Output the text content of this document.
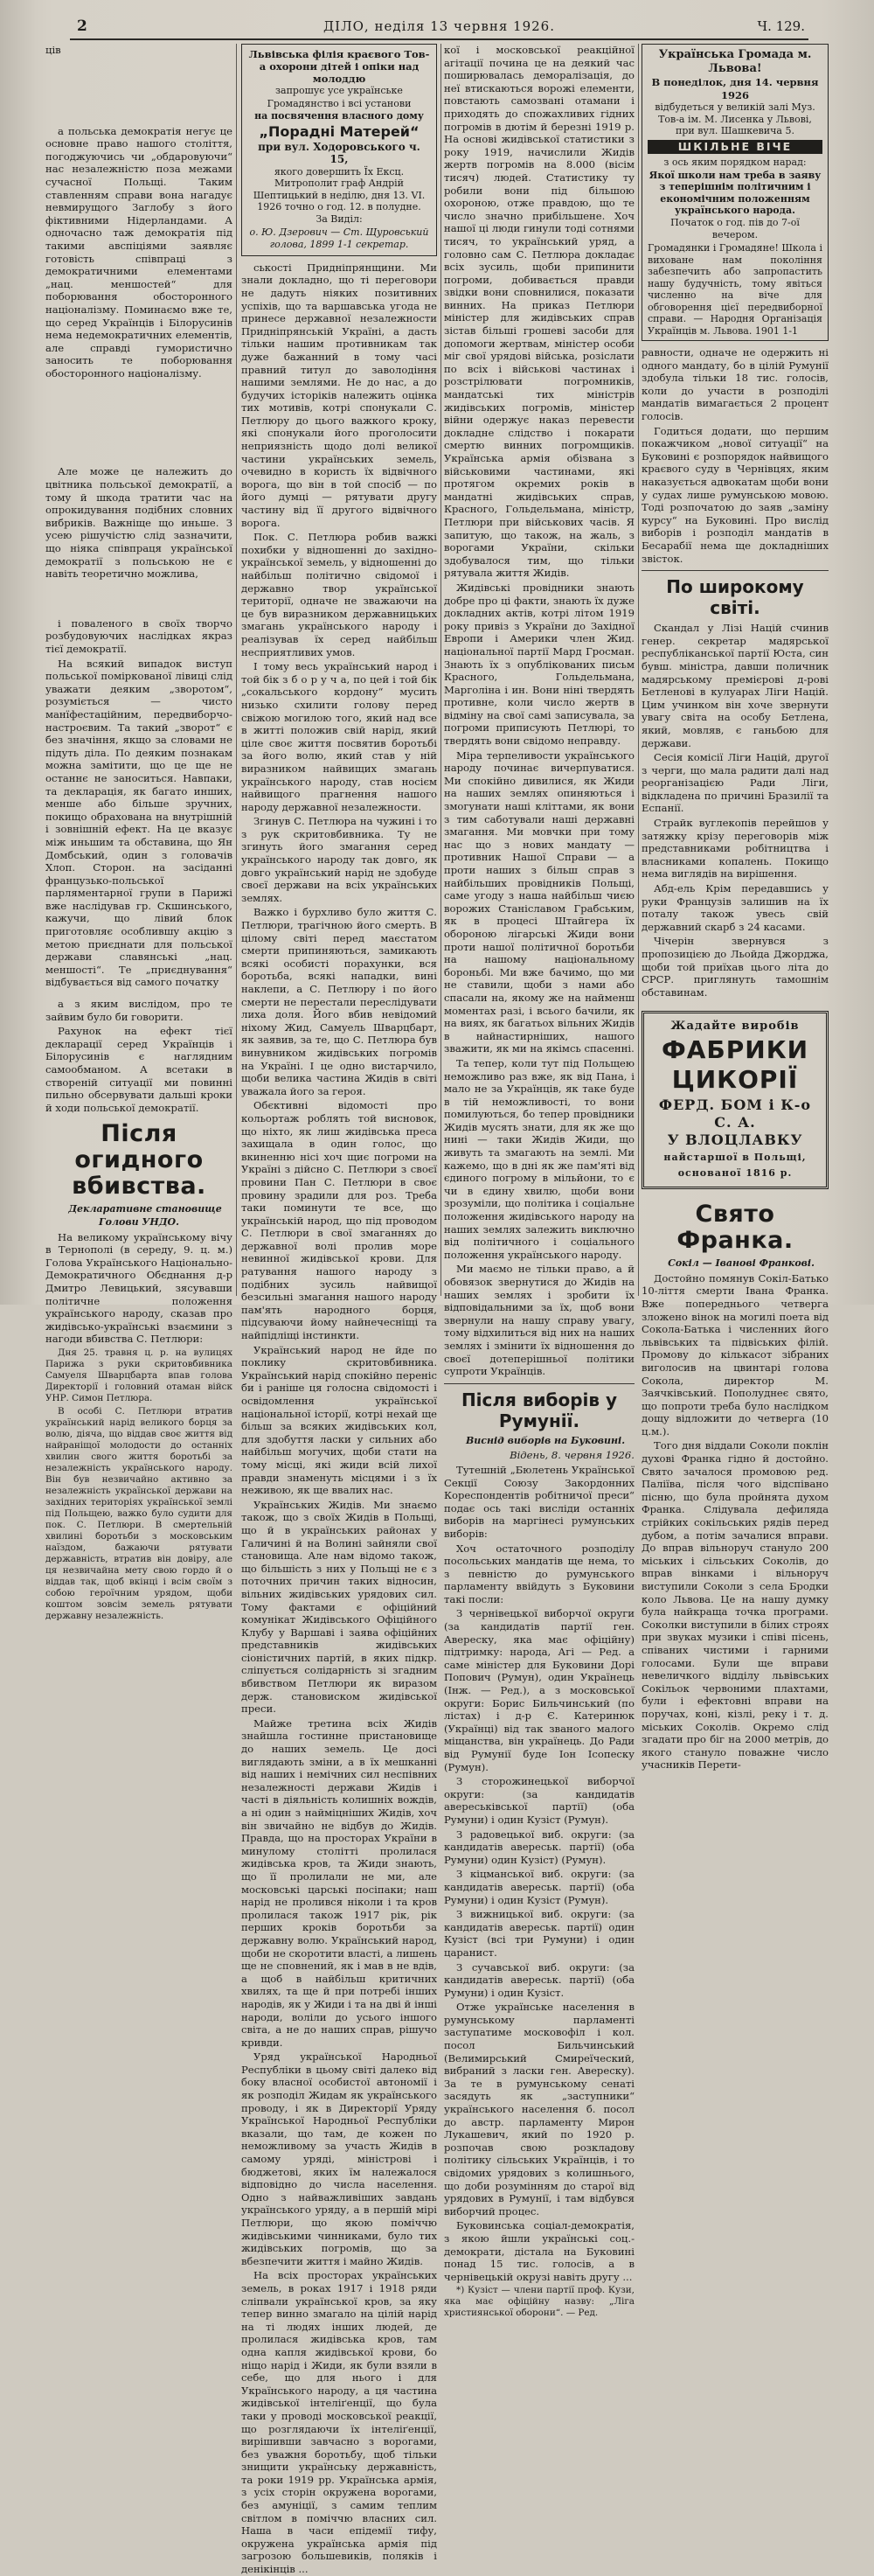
2	ДІЛО, неділя 13 червня 1926.	Ч. 129.

ців

а польська демократія негує це основне право нашого століття, погоджуючись чи „обдаровуючи“ нас незалежністю поза межами сучасної Польщі. Таким ставленням справи вона нагадує невмирущого Заглобу з його фіктивними Нідерландами. А одночасно таж демократія під такими авспіціями заявляє готовість співпраці з демократичними елементами „нац. меншостей“ для поборювання обосторонного націоналізму. Поминаємо вже те, що серед Українців і Білорусинів нема недемократичних елементів, але справді гумористично заносить те поборювання обосторонного націоналізму.

Але може це належить до цвітника польської демократії, а тому й шкода тратити час на опрокидування подібних словних вибриків. Важніще що иньше. З усею рішучістю слід зазначити, що ніяка співпраця української демократії з польською не є навіть теоретично можлива,

і поваленого в своїх творчо розбудовуючих наслідках якраз тієї демократії.

На всякий випадок виступ польської поміркованої лівиці слід уважати деяким „зворотом“, розуміється — чисто манїфестаційним, передвиборчо-настроєвим. Та такий „зворот“ є без значіння, якщо за словами не підуть діла. По деяким познакам можна замітити, що це ще не останнє не заноситься. Навпаки, та декларація, як багато инших, менше або більше зручних, покищо обрахована на внутрішній і зовнішній ефект. На це вказує між иньшим та обставина, що Ян Домбський, один з головачів Хлоп. Сторон. на засіданні французько-польської парляментарної групи в Парижі вже наслідував гр. Скшинського, кажучи, що лівий блок приготовляє особлившу акцію з метою приєднати для польської держави славянські „нац. меншості“. Те „приєднування“ відбувається від самого початку

а з яким вислідом, про те зайвим було би говорити.

Рахунок на ефект тієї декларації серед Українців і Білорусинів є наглядним самообманом. А всетаки в створеній ситуації ми повинні пильно обсервувати дальші кроки й ходи польської демократії.

Після огидного вбивства.

Декларативне становище Голови УНДО.

На великому українському вічу в Тернополі (в середу, 9. ц. м.) Голова Українського Національно-Демократичного Обєднання д-р Дмитро Левицький, зясувавши політичне положення українського народу, сказав про жидівсько-українські взаємини з нагоди вбивства С. Петлюри:

Дня 25. травня ц. р. на вулицях Парижа з руки скритовбивника Самуеля Шварцбарта впав голова Директорії і головний отаман війск УНР. Симон Петлюра.

В особі С. Петлюри втратив український нарід великого борця за волю, діяча, що віддав своє життя від найраніщої молодости до останніх хвилин свого життя боротьбі за незалежність українського народу. Він був незвичайно активно за незалежність української держави на західних територіях української землі під Польщею, важко було судити для пок. С. Петлюри. В смертельній хвилині боротьби з московським наїздом, бажаючи рятувати державність, втратив він довіру, але ця незвичайна мету свою гордо й о віддав так, щоб вкінці і всім своїм з собою героїчним урядом, щоби коштом зовсім земель рятувати державну незалежність.

Львівська філія краєвого Тов-а охорони дітей і опіки над молоддю
запрошує усе українське Громадянство і всі установи
на посвячення власного дому
„Порадні Матерей“
при вул. Ходоровського ч. 15,
якого довершить Їх Ексц. Митрополит граф Андрій Шептицький в неділю, дня 13. VI. 1926 точно о год. 12. в полудне.
За Виділ:
о. Ю. Дзерович — Ст. Щуровський голова, 1899 1-1 секретар.

ськості Придніпрянщини. Ми знали докладно, що ті переговори не дадуть ніяких позитивних успіхів, що та варшавська угода не принесе державної незалежности Придніпрянській Україні, а дасть тільки нашим противникам так дуже бажанний в тому часі правний титул до заволодіння нашими землями. Не до нас, а до будучих історіків належить оцінка тих мотивів, котрі спонукали С. Петлюру до цього важкого кроку, які спонукали його проголосити неприязність щодо долі великої частини українських земель, очевидно в користь їх відвічного ворога, що він в той спосіб — по його думці — рятувати другу частину від її другого відвічного ворога.

Пок. С. Петлюра робив важкі похибки у відношенні до західно-української земель, у відношенні до найбільш політично свідомої і державно твор української території, одначе не зважаючи на це був виразником державницьких змагань українського народу і реалізував їх серед найбільш несприятливих умов.

І тому весь український народ і той бік з б о р у ч а, по цей і той бік „сокальського кордону“ мусить низько схилити голову перед свіжою могилою того, який над все в житті положив свій нарід, який ціле своє життя посвятив боротьбі за його волю, який став у ній виразником найвищих змагань українського народу, став носієм найвищого прагнення нашого народу державної незалежности.

Згинув С. Петлюра на чужині і то з рук скритовбивника. Ту не згинуть його змагання серед українського народу так довго, як довго український нарід не здобуде своєї держави на всіх українських землях.

Важко і бурхливо було життя С. Петлюри, трагічною його смерть. В цілому світі перед маєстатом смерти припиняються, замикають всякі особисті порахунки, вся боротьба, всякі нападки, вині наклепи, а С. Петлюру і по його смерти не перестали переслідувати лиха доля. Його вбив невідомий ніхому Жид, Самуель Шварцбарт, як заявив, за те, що С. Петлюра був винувником жидівських погромів на Україні. І це одно вистарчило, щоби велика частина Жидів в світі уважала його за героя.

Обєктивні відомості про кольортаж роблять той висновок, що ніхто, як лиш жидівська преса захищала в один голос, що вкиненню нісі хоч щиє погроми на Україні з дійсно С. Петлюри з своєї провини Пан С. Петлюри в своє провину зрадили для роз. Треба таки поминути те все, що українській народ, що під проводом С. Петлюри в свої змаганнях до державної волі пролив море невинної жидівської крови. Для ратування нашого народу з подібних зусиль найвищої безсильні змагання нашого народу пам'ять народного борця, підсуваючи йому найнечесніщі та найпідліщі інстинкти.

Український народ не йде по поклику скритовбивника. Український нарід спокійно переніс би і раніше ця голосна свідомості і освідомлення української національної історії, котрі нехай ще більш за всяких жидівських кол, для здобуття ласки у сильних або найбільш могучих, щоби стати на тому місці, які жиди всій лихої правди знаменуть місцями і з їх неживою, як ще ввалих нас.

Українських Жидів. Ми знаємо також, що з своїх Жидів в Польщі, що й в українських районах у Галичині й на Волині зайняли свої становища. Але нам відомо також, що більшість з них у Польщі не є з поточних причин таких відносин, вільних жидівських урядових сил. Тому фактами є офіційний комунікат Жидівського Офіційного Клубу у Варшаві і заява офіційних представників жидівських сіоністичних партій, в яких підкр. сліпується солідарність зі згадним вбивством Петлюри як виразом держ. становиском жидівської преси.

Майже третина всіх Жидів знайшла гостинне пристановище до наших земель. Це досі виглядають зміни, а в їх мешканні від наших і немічних сил неспівних незалежності держави Жидів і часті в діяльність колишніх вождів, а ні один з найміцніших Жидів, хоч він звичайно не відбув до Жидів. Правда, що на просторах України в минулому столітті пролилася жидівська кров, та Жиди знають, що її пролилали не ми, але московські царські посіпаки; наш нарід не пролився ніколи і та кров пролилася також 1917 рік, рік перших кроків боротьби за державну волю. Український народ, щоби не скоротити власті, а лишень ще не сповнений, як і мав в не вдів, а щоб в найбільш критичних хвилях, та ще й при потребі інших народів, як у Жиди і та на дві й інші народи, воліли до усього іншого світа, а не до наших справ, рішучо кривди.

Уряд української Народньої Республіки в цьому світі далеко від боку власної особистої автономії і як розподіл Жидам як українського проводу, і як в Директорії Уряду Української Народньої Республіки вказали, що там, де кожен по неможливому за участь Жидів в самому уряді, міністрові і бюджетові, яких їм належалося відповідно до числа населення. Одно з найважливіших завдань українського уряду, а в першій мірі Петлюри, що якою поміччю жидівськими чинниками, було тих жидівських погромів, що за вбезпечити життя і майно Жидів.

На всіх просторах українських земель, в роках 1917 і 1918 ряди сліпвали української кров, за яку тепер винно змагало на цілій нарід на ті людях інших людей, де пролилася жидівська кров, там одна капля жидівської крови, бо ніщо нарід і Жиди, як були взяли в себе, що для нього і для Українського народу, а ця частина жидівської інтеліґенції, що була таки у проводі московської реакції, що розглядаючи їх інтеліґенції, вирішивши завчасно з ворогами, без уважня боротьбу, щоб тільки знищити українську державність, та роки 1919 рр. Українська армія, з усіх сторін окружена ворогами, без амуніції, з самим теплим світлом в поміччю власних сил. Наша в часи епідемії тифу, окружена українська армія під загрозою большевиків, поляків і денікінців ...

кої і московської реакційної агітації почина це на деякий час поширювалась деморалізація, до неї втискаються ворожі елементи, повстають самозвані отамани і приходять до спожахливих гідних погромів в дютім й березні 1919 р. На основі жидівської статистики з року 1919, начислили Жидів жертв погромів на 8.000 (вісім тисяч) людей. Статистику ту робили вони під більшою охороною, отже правдою, що те число значно прибільшене. Хоч нашої ці люди гинули тоді сотнями тисяч, то український уряд, а головно сам С. Петлюра докладає всіх зусиль, щоби припинити погроми, добивається правди звідки вони сповнилися, показати винних. На приказ Петлюри міністер для жидівських справ зістав більші грошеві засоби для допомоги жертвам, міністер особи міг свої урядові війська, розіслати по всіх і військові частинах і розстрілювати погромників, мандатські тих міністрів жидівських погромів, міністер війни одержує наказ перевести докладне слідство і покарати смертю винних погромщиків. Українська армія обізвана з військовими частинами, які протягом окремих років в мандатні жидівських справ, Красного, Гольдельмана, міністр, Петлюри при військових часів. Я запитую, що також, на жаль, з ворогами України, скільки здобувалося тим, що тільки рятувала життя Жидів.

Жидівські провідники знають добре про ці факти, знають їх дуже докладних актів, котрі літом 1919 року привіз з України до Західної Европи і Америки член Жид. національної партії Мард Гросман. Знають їх з опублікованих письм Красного, Гольдельмана, Марголіна і ин. Вони ніні твердять противне, коли число жертв в відміну на свої самі записувала, за погроми приписують Петлюрі, то твердять вони свідомо неправду.

Міра терпеливости українського народу починає вичерпуватися. Ми спокійно дивилися, як Жиди на наших землях опиняються і змогунати наші кліттами, як вони з тим саботували наші державні змагання. Ми мовчки при тому нас що з нових мандату — противник Нашої Справи — а проти наших з більш справ з найбільших провідників Польщі, саме угоду з наша найбільш чиєю ворожих Станіславом Грабським, як в процесі Штайгера їх обороною лігарські Жиди вони проти нашої політичної боротьби на нашому національному бороньбі. Ми вже бачимо, що ми не ставили, щоби з нами або спасали на, якому же на найменш моментах разі, і всього бачили, як на виях, як багатьох вільних Жидів в найнастирніших, нашого зважити, як ми на якімсь спасенні.

Та тепер, коли тут під Польщею неможливо раз вже, як від Пана, і мало не за Українців, як таке буде в тій неможливості, то вони помилуються, бо тепер провідники Жидів мусять знати, для як же що нині — таки Жидів Жиди, що живуть та змагають на землі. Ми кажемо, що в дні як же пам'яті від єдиного погрому в мільйони, то є чи в єдину хвилю, щоби вони зрозуміли, що політика і соціальне положення жидівського народу на наших землях залежить виключно від політичного і соціального положення українського народу.

Ми маємо не тільки право, а й обовязок звернутися до Жидів на наших землях і зробити їх відповідальними за їх, щоб вони звернули на нашу справу увагу, тому відхилиться від них на наших землях і змінити їх відношення до своєї дотеперішньої політики супроти Українців.

Після виборів у Румунії.

Виснід виборів на Буковині.

Відень, 8. червня 1926.

Тутешній „Бюлетень Української Секції Союзу Закордонних Кореспондентів робітничої преси“ подає ось такі висліди останніх виборів на маргінесі румунських виборів:

Хоч остаточного розподілу посольських мандатів ще нема, то з певністю до румунського парламенту ввійдуть з Буковини такі посли:

З чернівецької виборчої округи (за кандидатів партії ген. Авереску, яка має офіційну) підтримку: народа, Агі — Ред. а саме міністер для Буковини Дорі Попович (Румун), один Українець (Інж. — Ред.), а з московської округи: Борис Бильчинський (по лістах) і д-р Є. Катеринюк (Українці) від так званого малого міщанства, він українець. До Ради від Румунії буде Іон Ісопеску (Румун).

З сторожинецької виборчої округи: (за кандидатів авереськівської партії) (оба Румуни) і один Кузіст (Румун).

З радовецької виб. округи: (за кандидатів авереськ. партії) (оба Румуни) один Кузіст) (Румун).

З кіцманської виб. округи: (за кандидатів авереськ. партії) (оба Румуни) і один Кузіст (Румун).

З вижницької виб. округи: (за кандидатів авереськ. партії) один Кузіст (всі три Румуни) і один царанист.

З сучавської виб. округи: (за кандидатів авереськ. партії) (оба Румуни) і один Кузіст.

Отже українське населення в румунському парламенті заступатиме московофіл і кол. посол Бильчинський (Велимирський Смиреїческий, вибраний з ласки ген. Авереску). За те в румунському сенаті засядуть як „заступники“ українського населення б. посол до австр. парламенту Мирон Лукашевич, який по 1920 р. розпочав свою розкладову політику сільських Українців, і то свідомих урядових з колишнього, що доби розумінням до старої від урядових в Румунії, і там відбувся виборчий процес.

Буковинська соціал-демократія, з якою йшли українські соц.-демократи, дістала на Буковині понад 15 тис. голосів, а в чернівецькій окрузі навіть другу ...

*) Кузіст — члени партії проф. Кузи, яка має офіційну назву: „Ліга християнської оборони“. — Ред.

Українська Громада м. Львова!
В понеділок, дня 14. червня 1926
відбудеться у великій залі Муз. Тов-а ім. М. Лисенка у Львові, при вул. Шашкевича 5.
ШКІЛЬНЕ ВІЧЕ
з ось яким порядком нарад:
Якої школи нам треба в заяву з теперішнім політичним і економічним положенням українського народа.
Початок о год. пів до 7-ої вечером.
Громадянки і Громадяне! Школа і виховане нам покоління забезпечить або запропастить нашу будучність, тому явіться численно на віче для обговорення цієї передвиборної справи. — Народня Організація Українців м. Львова. 1901 1-1

равности, одначе не одержить ні одного мандату, бо в цілій Румунії здобула тільки 18 тис. голосів, коли до участи в розподілі мандатів вимагається 2 процент голосів.

Годиться додати, що першим покажчиком „нової ситуації“ на Буковині є розпорядок найвищого краєвого суду в Чернівцях, яким наказується адвокатам щоби вони у судах лише румунською мовою. Тоді розпочатою до заяв „заміну курсу“ на Буковині. Про вислід виборів і розподіл мандатів в Бесарабії нема ще докладніших звісток.

По широкому світі.

Скандал у Лізі Націй счинив генер. секретар мадярської республіканської партії Юста, син бувш. міністра, давши поличник мадярському премієрові д-рові Бетленові в кулуарах Ліги Націй. Цим учинком він хоче звернути увагу світа на особу Бетлена, який, мовляв, є ганьбою для держави.

Сесія комісії Ліги Націй, другої з черги, що мала радити далі над реорганізацією Ради Ліги, відкладена по причині Бразилії та Еспанії.

Страйк вуглекопів перейшов у затяжку крізу переговорів між представниками робітництва і власниками копалень. Покищо нема виглядів на вирішення.

Абд-ель Крім передавшись у руки Французів залишив на їх поталу також увесь свій державний скарб з 24 касами.

Чічерін звернувся з пропозицією до Льойда Джорджа, щоби той приїхав цього літа до СРСР. приглянуть тамошнім обставинам.

Жадайте виробів
ФАБРИКИ ЦИКОРІЇ
ФЕРД. БОМ і К-о С. А.
У ВЛОЦЛАВКУ
найстаршої в Польщі,
основаної 1816 р.
Свято Франка.

Сокіл — Іванові Франкові.

Достойно помянув Сокіл-Батько 10-ліття смерти Івана Франка. Вже попереднього четверга зложено вінок на могилі поета від Сокола-Батька і численних його львівських та підвіських філій. Промову до кількасот зібраних виголосив на цвинтарі голова Сокола, директор М. Заячківський. Пополуднеє свято, що попроти треба було наслідком дощу відложити до четверга (10 ц.м.).

Того дня віддали Соколи поклін духові Франка гідно й достойно. Свято зачалося промовою ред. Паліїва, після чого відспівано пісню, що була пройнята духом Франка. Слідувала дефиляда стрійких сокільських рядів перед дубом, а потім зачалися вправи. До вправ вільноруч стануло 200 міських і сільських Соколів, до вправ вінками і вільноруч виступили Соколи з села Бродки коло Львова. Це на нашу думку була найкраща точка програми. Соколки виступили в білих строях при звуках музики і співі пісень, співаних чистими і гарними голосами. Були ще вправи невеличкого відділу львівських Сокільок червоними плахтами, були і ефектовні вправи на поручах, коні, кізлі, реку і т. д. міських Соколів. Окремо слід згадати про біг на 2000 метрів, до якого стануло поважне число учасників Перети-
